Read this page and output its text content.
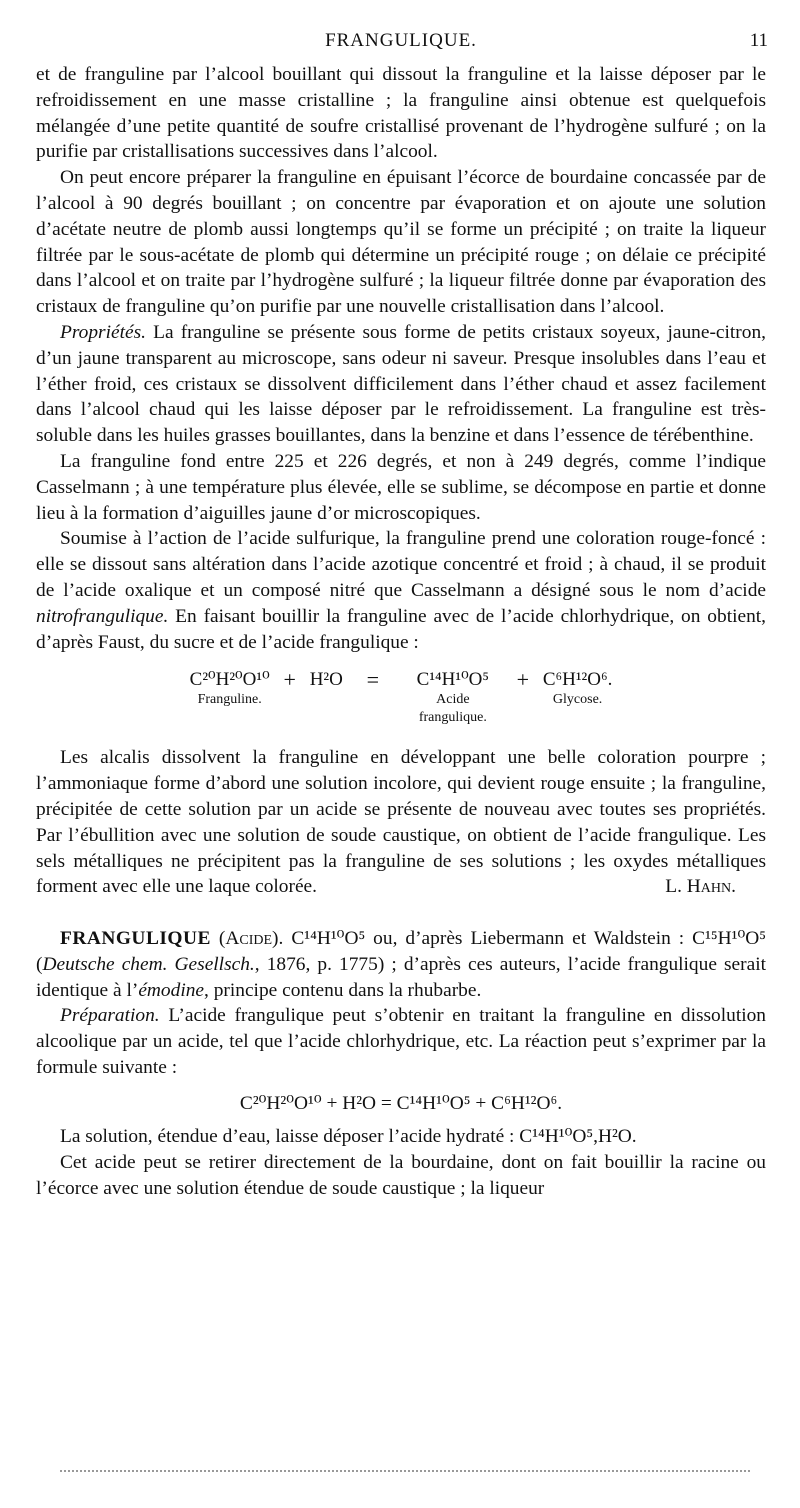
FRANGULIQUE.	11

et de franguline par l’alcool bouillant qui dissout la franguline et la laisse déposer par le refroidissement en une masse cristalline ; la franguline ainsi obtenue est quelquefois mélangée d’une petite quantité de soufre cristallisé provenant de l’hydrogène sulfuré ; on la purifie par cristallisations successives dans l’alcool.

On peut encore préparer la franguline en épuisant l’écorce de bourdaine concassée par de l’alcool à 90 degrés bouillant ; on concentre par évaporation et on ajoute une solution d’acétate neutre de plomb aussi longtemps qu’il se forme un précipité ; on traite la liqueur filtrée par le sous-acétate de plomb qui détermine un précipité rouge ; on délaie ce précipité dans l’alcool et on traite par l’hydrogène sulfuré ; la liqueur filtrée donne par évaporation des cristaux de franguline qu’on purifie par une nouvelle cristallisation dans l’alcool.

Propriétés. La franguline se présente sous forme de petits cristaux soyeux, jaune-citron, d’un jaune transparent au microscope, sans odeur ni saveur. Presque insolubles dans l’eau et l’éther froid, ces cristaux se dissolvent difficilement dans l’éther chaud et assez facilement dans l’alcool chaud qui les laisse déposer par le refroidissement. La franguline est très-soluble dans les huiles grasses bouillantes, dans la benzine et dans l’essence de térébenthine.

La franguline fond entre 225 et 226 degrés, et non à 249 degrés, comme l’indique Casselmann ; à une température plus élevée, elle se sublime, se décompose en partie et donne lieu à la formation d’aiguilles jaune d’or microscopiques.

Soumise à l’action de l’acide sulfurique, la franguline prend une coloration rouge-foncé : elle se dissout sans altération dans l’acide azotique concentré et froid ; à chaud, il se produit de l’acide oxalique et un composé nitré que Casselmann a désigné sous le nom d’acide nitrofrangulique. En faisant bouillir la franguline avec de l’acide chlorhydrique, on obtient, d’après Faust, du sucre et de l’acide frangulique :

C²⁰H²⁰O¹⁰
Franguline.
+ H²O	=	C¹⁴H¹⁰O⁵
Acide frangulique.
+ C⁶H¹²O⁶.
Glycose.

Les alcalis dissolvent la franguline en développant une belle coloration pourpre ; l’ammoniaque forme d’abord une solution incolore, qui devient rouge ensuite ; la franguline, précipitée de cette solution par un acide se présente de nouveau avec toutes ses propriétés. Par l’ébullition avec une solution de soude caustique, on obtient de l’acide frangulique. Les sels métalliques ne précipitent pas la franguline de ses solutions ; les oxydes métalliques forment avec elle une laque colorée.	L. Hahn.

FRANGULIQUE (Acide). C¹⁴H¹⁰O⁵ ou, d’après Liebermann et Waldstein : C¹⁵H¹⁰O⁵ (Deutsche chem. Gesellsch., 1876, p. 1775) ; d’après ces auteurs, l’acide frangulique serait identique à l’émodine, principe contenu dans la rhubarbe.

Préparation. L’acide frangulique peut s’obtenir en traitant la franguline en dissolution alcoolique par un acide, tel que l’acide chlorhydrique, etc. La réaction peut s’exprimer par la formule suivante :

C²⁰H²⁰O¹⁰ + H²O = C¹⁴H¹⁰O⁵ + C⁶H¹²O⁶.

La solution, étendue d’eau, laisse déposer l’acide hydraté : C¹⁴H¹⁰O⁵,H²O.

Cet acide peut se retirer directement de la bourdaine, dont on fait bouillir la racine ou l’écorce avec une solution étendue de soude caustique ; la liqueur
